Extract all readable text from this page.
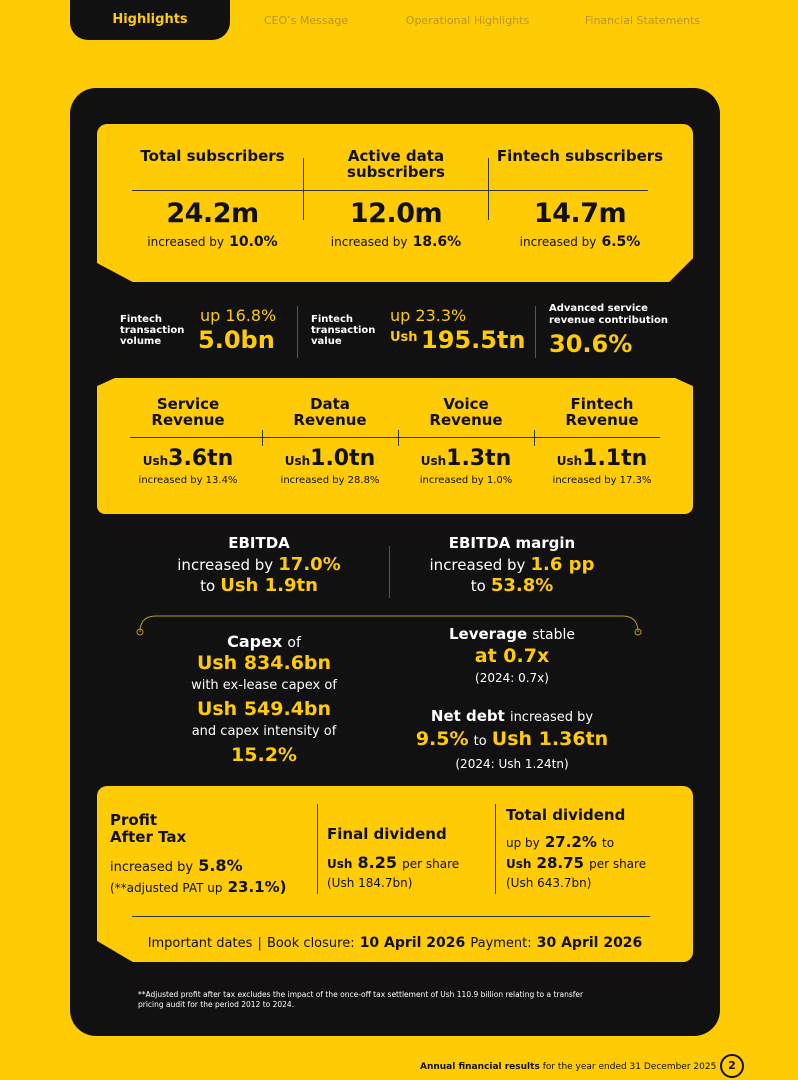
Highlights	CEO’s Message	Operational Highlights	Financial Statements
Total subscribers
24.2m
increased by 10.0%
Active data subscribers
12.0m
increased by 18.6%
Fintech subscribers
14.7m
increased by 6.5%
Fintech transaction volume
up 16.8%
5.0bn
Fintech transaction value
up 23.3%
Ush 195.5tn
Advanced service revenue contribution
30.6%
Service Revenue
Ush3.6tn
increased by 13.4%
Data Revenue
Ush1.0tn
increased by 28.8%
Voice Revenue
Ush1.3tn
increased by 1.0%
Fintech Revenue
Ush1.1tn
increased by 17.3%
EBITDA
increased by 17.0%
to Ush 1.9tn
EBITDA margin
increased by 1.6 pp
to 53.8%
Capex of
Ush 834.6bn
with ex-lease capex of
Ush 549.4bn
and capex intensity of
15.2%
Leverage stable
at 0.7x
(2024: 0.7x)
Net debt increased by
9.5% to Ush 1.36tn
(2024: Ush 1.24tn)
Profit After Tax
increased by 5.8%
(**adjusted PAT up 23.1%)
Final dividend
Ush 8.25 per share
(Ush 184.7bn)
Total dividend
up by 27.2% to
Ush 28.75 per share
(Ush 643.7bn)
Important dates | Book closure: 10 April 2026 Payment: 30 April 2026
**Adjusted profit after tax excludes the impact of the once-off tax settlement of Ush 110.9 billion relating to a transfer pricing audit for the period 2012 to 2024.
Annual financial results for the year ended 31 December 2025	2
